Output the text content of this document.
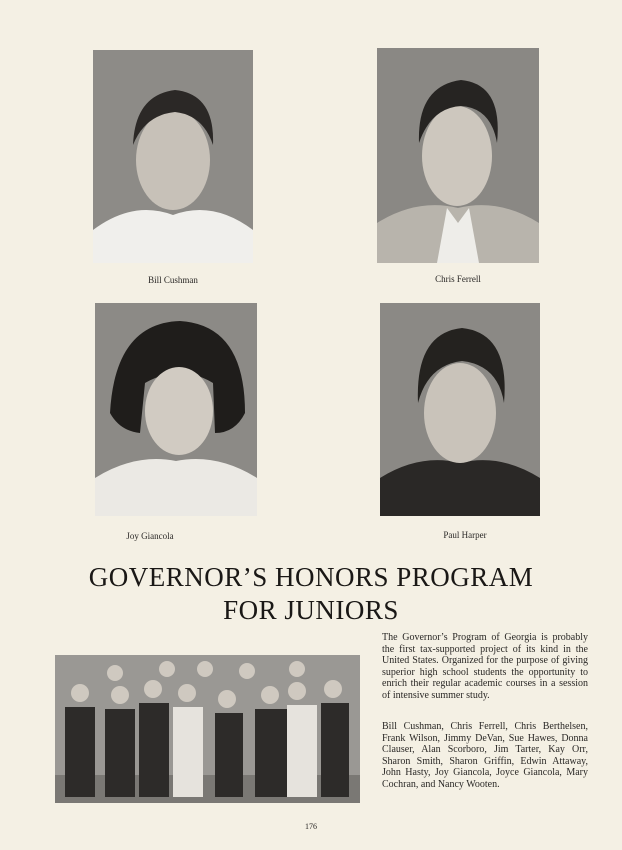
Bill Cushman	Chris Ferrell
Joy Giancola	Paul Harper
GOVERNOR’S HONORS PROGRAM
FOR JUNIORS

The Governor’s Program of Georgia is probably the first tax-supported project of its kind in the United States. Organized for the purpose of giving superior high school students the opportunity to enrich their regular academic courses in a session of intensive summer study.

Bill Cushman, Chris Ferrell, Chris Berthelsen, Frank Wilson, Jimmy DeVan, Sue Hawes, Donna Clauser, Alan Scorboro, Jim Tarter, Kay Orr, Sharon Smith, Sharon Griffin, Edwin Attaway, John Hasty, Joy Giancola, Joyce Giancola, Mary Cochran, and Nancy Wooten.

176
